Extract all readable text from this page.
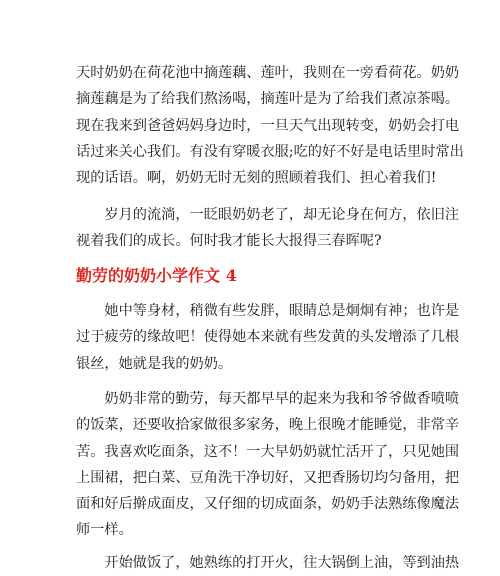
天时奶奶在荷花池中摘莲藕、莲叶，我则在一旁看荷花。奶奶
摘莲藕是为了给我们熬汤喝，摘莲叶是为了给我们煮凉茶喝。
现在我来到爸爸妈妈身边时，一旦天气出现转变，奶奶会打电
话过来关心我们。有没有穿暖衣服;吃的好不好是电话里时常出
现的话语。啊，奶奶无时无刻的照顾着我们、担心着我们!
　　岁月的流淌，一眨眼奶奶老了，却无论身在何方，依旧注
视着我们的成长。何时我才能长大报得三春晖呢?
勤劳的奶奶小学作文 4
　　她中等身材，稍微有些发胖，眼睛总是炯炯有神；也许是
过于疲劳的缘故吧！使得她本来就有些发黄的头发增添了几根
银丝，她就是我的奶奶。
　　奶奶非常的勤劳，每天都早早的起来为我和爷爷做香喷喷
的饭菜，还要收拾家做很多家务，晚上很晚才能睡觉，非常辛
苦。我喜欢吃面条，这不！一大早奶奶就忙活开了，只见她围
上围裙，把白菜、豆角洗干净切好，又把香肠切均匀备用，把
面和好后擀成面皮，又仔细的切成面条，奶奶手法熟练像魔法
师一样。
　　开始做饭了，她熟练的打开火，往大锅倒上油，等到油热
